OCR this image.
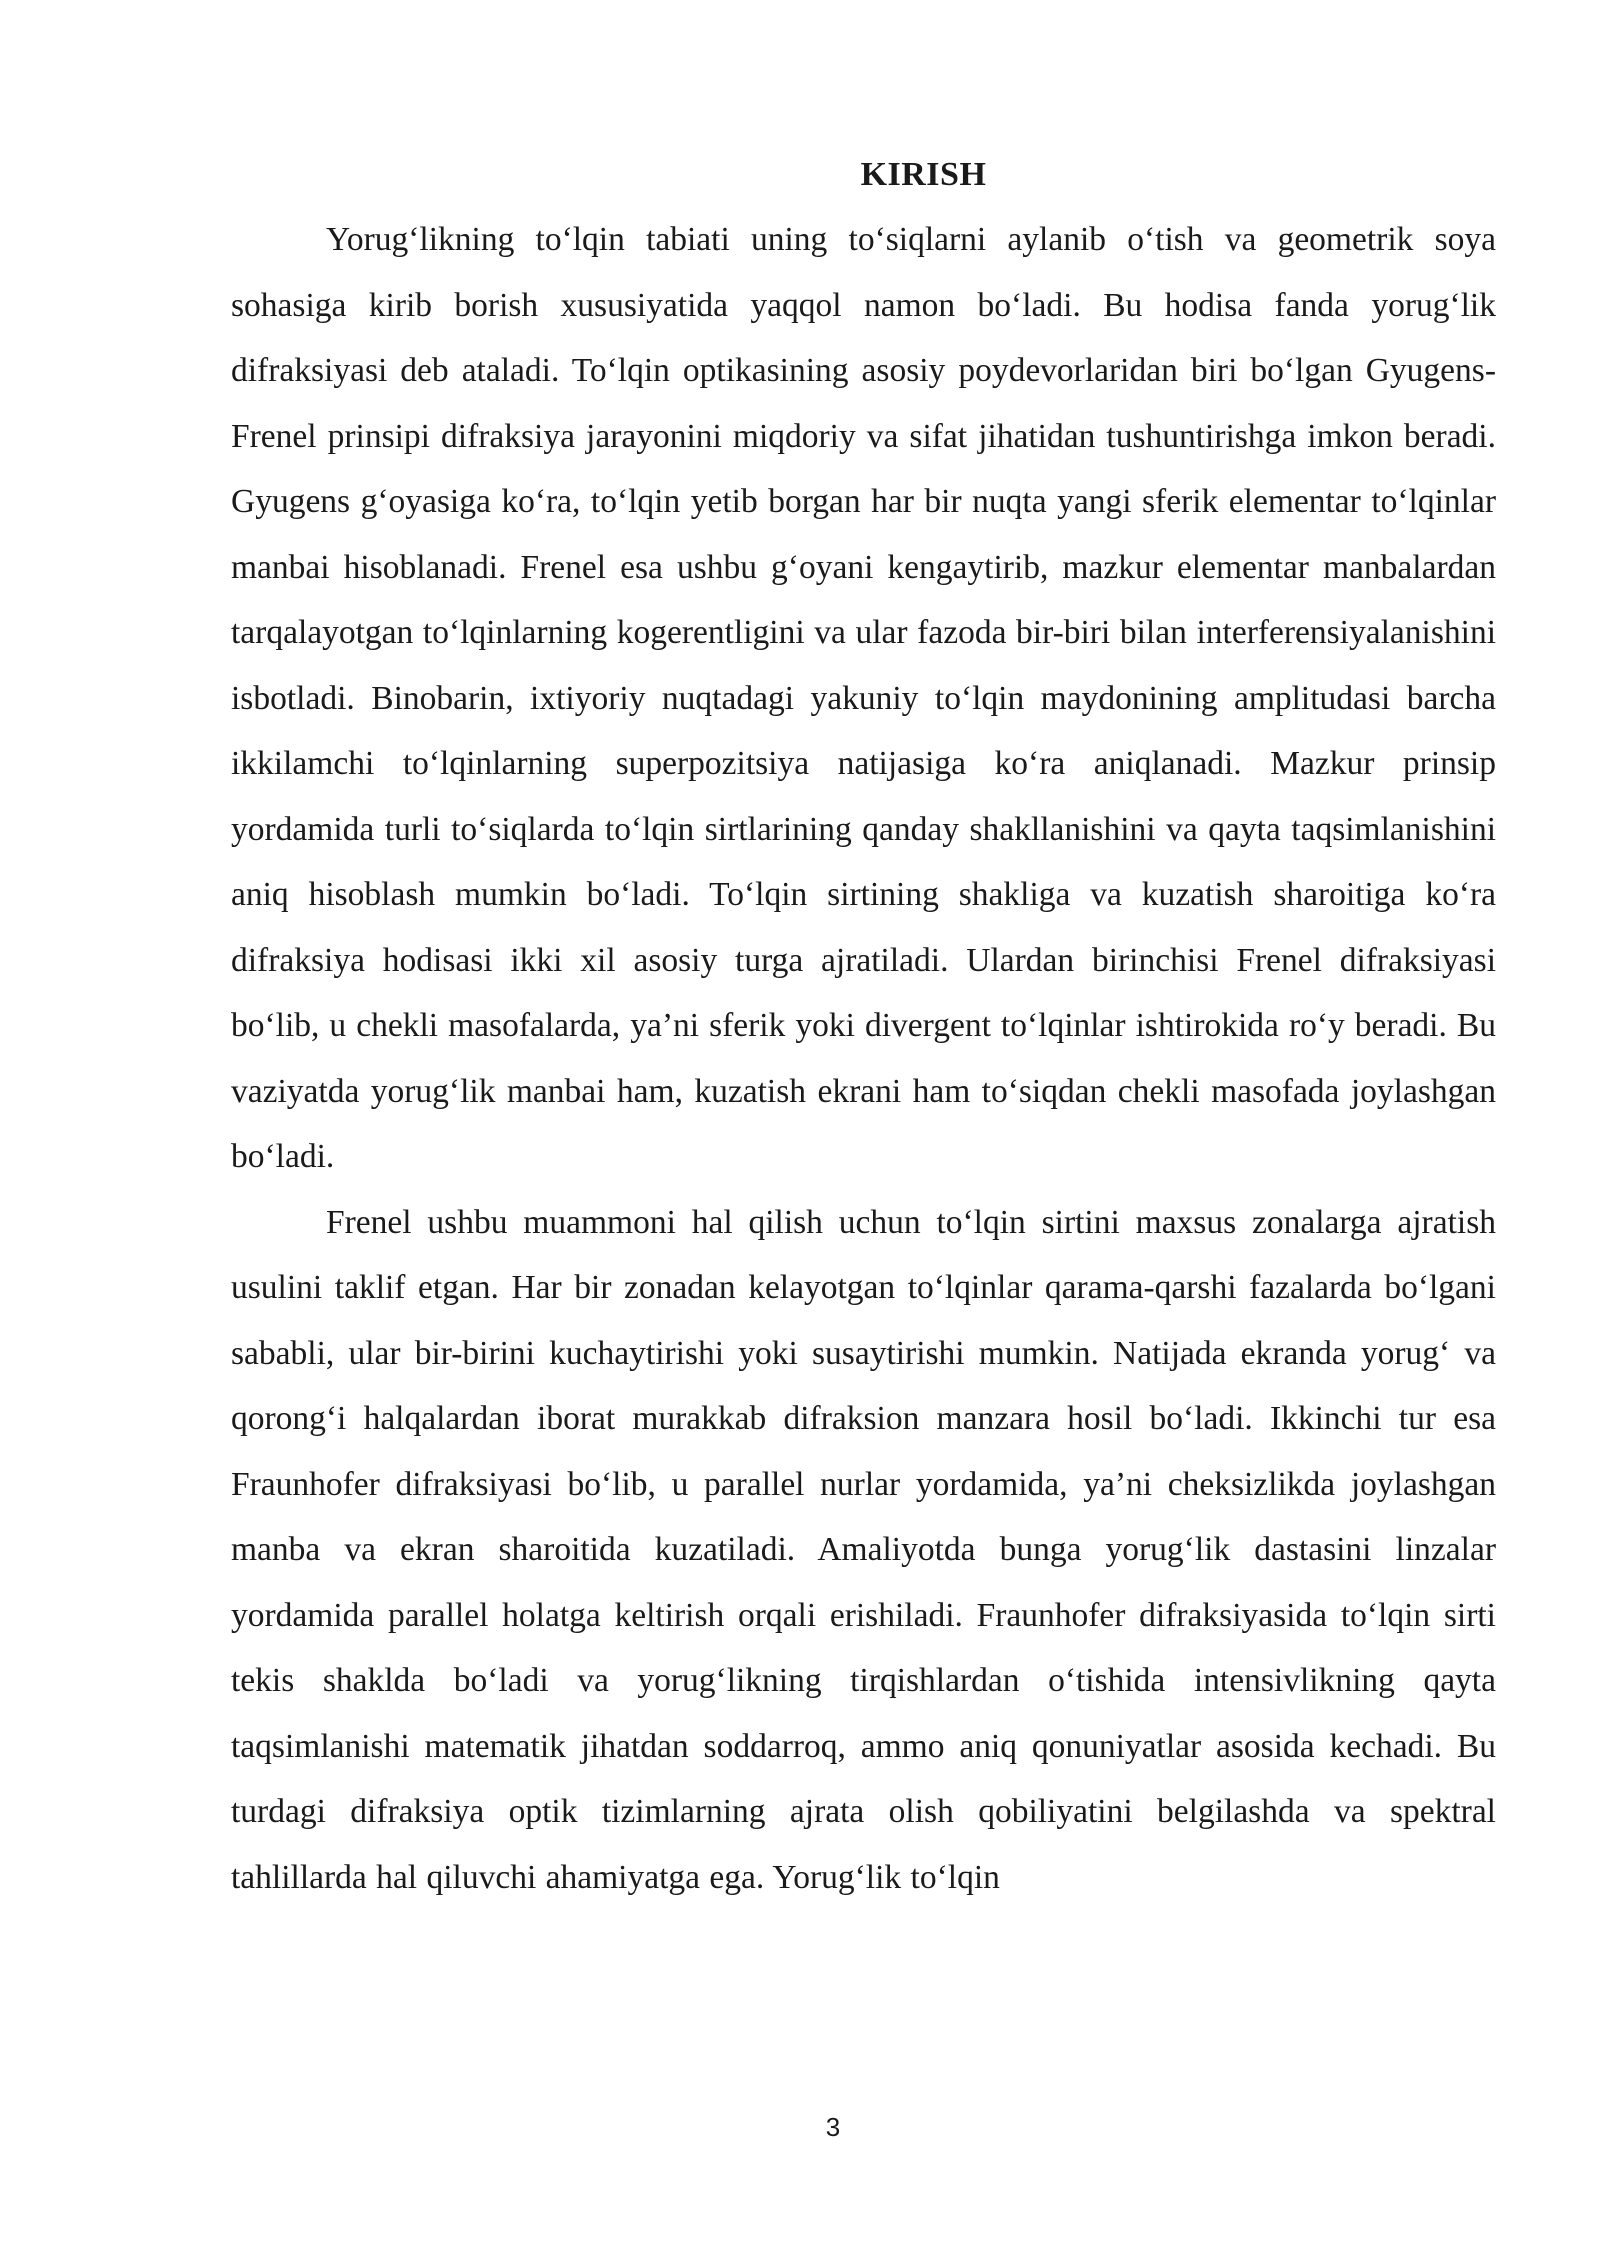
KIRISH

Yorug‘likning to‘lqin tabiati uning to‘siqlarni aylanib o‘tish va geometrik soya sohasiga kirib borish xususiyatida yaqqol namon bo‘ladi. Bu hodisa fanda yorug‘lik difraksiyasi deb ataladi. To‘lqin optikasining asosiy poydevorlaridan biri bo‘lgan Gyugens-Frenel prinsipi difraksiya jarayonini miqdoriy va sifat jihatidan tushuntirishga imkon beradi. Gyugens g‘oyasiga ko‘ra, to‘lqin yetib borgan har bir nuqta yangi sferik elementar to‘lqinlar manbai hisoblanadi. Frenel esa ushbu g‘oyani kengaytirib, mazkur elementar manbalardan tarqalayotgan to‘lqinlarning kogerentligini va ular fazoda bir-biri bilan interferensiyalanishini isbotladi. Binobarin, ixtiyoriy nuqtadagi yakuniy to‘lqin maydonining amplitudasi barcha ikkilamchi to‘lqinlarning superpozitsiya natijasiga ko‘ra aniqlanadi. Mazkur prinsip yordamida turli to‘siqlarda to‘lqin sirtlarining qanday shakllanishini va qayta taqsimlanishini aniq hisoblash mumkin bo‘ladi. To‘lqin sirtining shakliga va kuzatish sharoitiga ko‘ra difraksiya hodisasi ikki xil asosiy turga ajratiladi. Ulardan birinchisi Frenel difraksiyasi bo‘lib, u chekli masofalarda, ya’ni sferik yoki divergent to‘lqinlar ishtirokida ro‘y beradi. Bu vaziyatda yorug‘lik manbai ham, kuzatish ekrani ham to‘siqdan chekli masofada joylashgan bo‘ladi.

Frenel ushbu muammoni hal qilish uchun to‘lqin sirtini maxsus zonalarga ajratish usulini taklif etgan. Har bir zonadan kelayotgan to‘lqinlar qarama-qarshi fazalarda bo‘lgani sababli, ular bir-birini kuchaytirishi yoki susaytirishi mumkin. Natijada ekranda yorug‘ va qorong‘i halqalardan iborat murakkab difraksion manzara hosil bo‘ladi. Ikkinchi tur esa Fraunhofer difraksiyasi bo‘lib, u parallel nurlar yordamida, ya’ni cheksizlikda joylashgan manba va ekran sharoitida kuzatiladi. Amaliyotda bunga yorug‘lik dastasini linzalar yordamida parallel holatga keltirish orqali erishiladi. Fraunhofer difraksiyasida to‘lqin sirti tekis shaklda bo‘ladi va yorug‘likning tirqishlardan o‘tishida intensivlikning qayta taqsimlanishi matematik jihatdan soddarroq, ammo aniq qonuniyatlar asosida kechadi. Bu turdagi difraksiya optik tizimlarning ajrata olish qobiliyatini belgilashda va spektral tahlillarda hal qiluvchi ahamiyatga ega. Yorug‘lik to‘lqin

3
